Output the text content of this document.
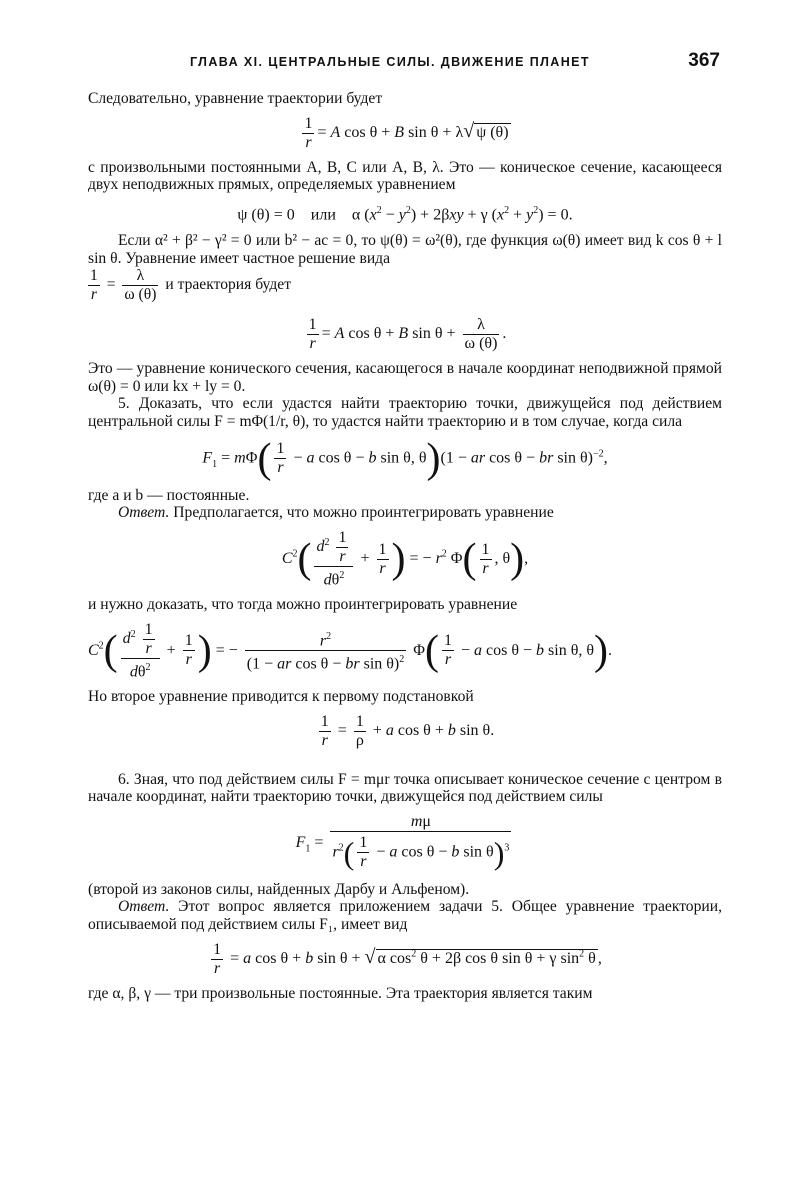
ГЛАВА XI. ЦЕНТРАЛЬНЫЕ СИЛЫ. ДВИЖЕНИЕ ПЛАНЕТ	367

Следовательно, уравнение траектории будет

$\frac{1}{r} = A$ cos θ + B sin θ + λ√ ψ (θ)

с произвольными постоянными A, B, C или A, B, λ. Это — коническое сечение, касающееся двух неподвижных прямых, определяемых уравнением

ψ (θ) = 0    или    α $(x^2 - y^2) + 2\beta xy + \gamma$ $(x^2 + y^2) = 0$.

Если α² + β² − γ² = 0 или b² − ac = 0, то ψ(θ) = ω²(θ), где функция ω(θ) имеет вид k cos θ + l sin θ. Уравнение имеет частное решение вида

$\frac{1}{r} = \frac{\lambda}{\omega (\theta)}$ и траектория будет

$\frac{1}{r} = A$ cos θ + B $\sin \theta + \frac{\lambda}{\omega (\theta)}$ .

Это — уравнение конического сечения, касающегося в начале координат неподвижной прямой ω(θ) = 0 или kx + ly = 0.

5. Доказать, что если удастся найти траекторию точки, движущейся под действием центральной силы F = mΦ(1/r, θ), то удастся найти траекторию и в том случае, когда сила

$F_1 = m\Phi( \frac{1}{r} - a$ cos θ − b sin θ, θ)(1 − ar cos θ − br sin θ)$^{-2}$,

где a и b — постоянные.

Ответ. Предполагается, что можно проинтегрировать уравнение

$C^2( \frac{d^2 \frac{1}{r}}{d\theta^2} + \frac{1}{r}$ ) = − $r^2$ $\Phi( \frac{1}{r}$ , θ),

и нужно доказать, что тогда можно проинтегрировать уравнение

$C^2( \frac{d^2 \frac{1}{r}}{d\theta^2} + \frac{1}{r}$ ) = − $\frac{r^2}{(1 - ar \cos \theta - br \sin \theta)^2} \Phi( \frac{1}{r} - a$ cos θ − b sin θ, θ).

Но второе уравнение приводится к первому подстановкой

$\frac{1}{r} = \frac{1}{\rho} + a$ cos θ + b sin θ.

6. Зная, что под действием силы F = mμr точка описывает коническое сечение с центром в начале координат, найти траекторию точки, движущейся под действием силы

$F_1 = \frac{m\mu}{r^2( \frac{1}{r} - a \cos \theta - b \sin \theta)^3}$

(второй из законов силы, найденных Дарбу и Альфеном).

Ответ. Этот вопрос является приложением задачи 5. Общее уравнение траектории, описываемой под действием силы F₁, имеет вид

$\frac{1}{r} = a$ cos θ + b sin θ + √ α $\cos^2 \theta + 2\beta$ cos θ sin θ + γ $\sin^2 \theta$ ,

где α, β, γ — три произвольные постоянные. Эта траектория является таким
